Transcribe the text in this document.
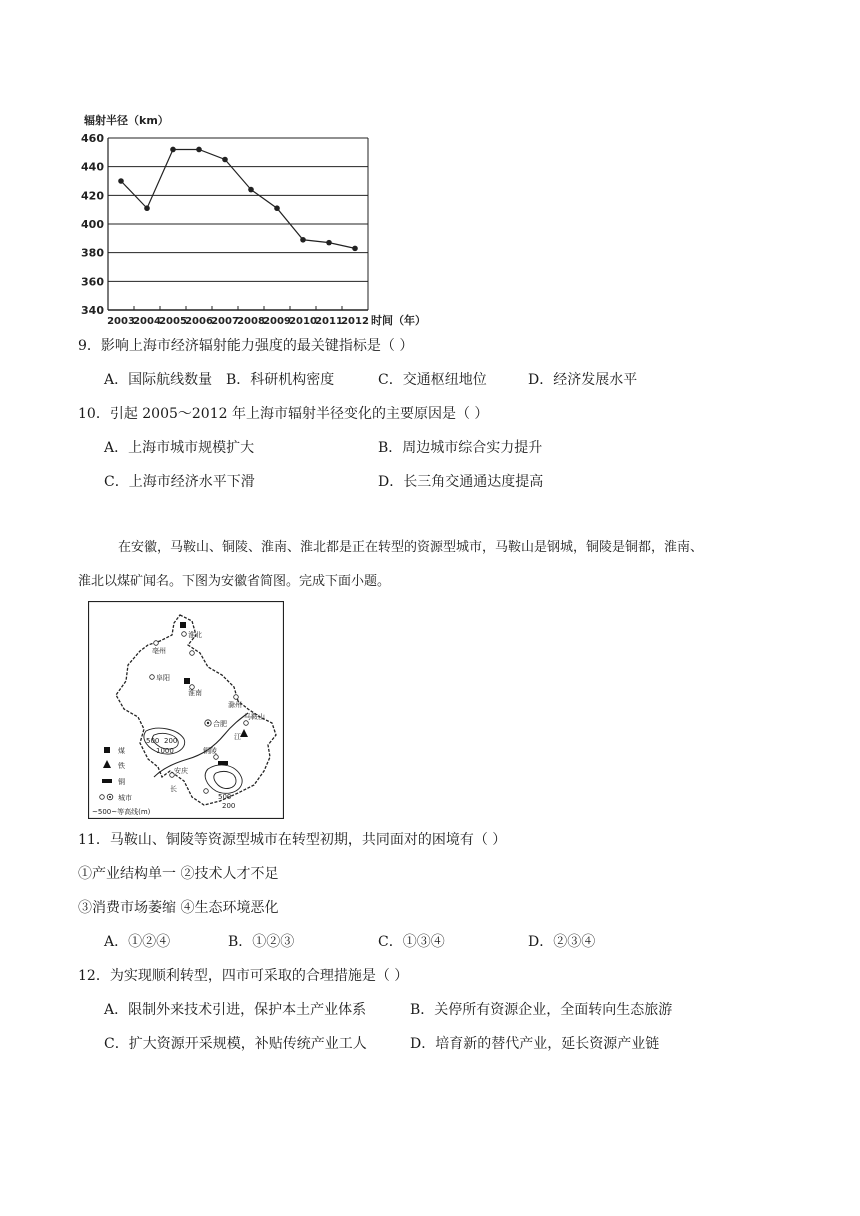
辐射半径（km）
460
440
420
400
380
360
340
2003
2004
2005
2006
2007
2008
2009
2010
2011
2012 时间（年）
9．影响上海市经济辐射能力强度的最关键指标是（ ）
A．国际航线数量 B．科研机构密度	C．交通枢纽地位	D．经济发展水平
10．引起 2005～2012 年上海市辐射半径变化的主要原因是（ ）
A．上海市城市规模扩大	B．周边城市综合实力提升
C．上海市经济水平下滑	D．长三角交通通达度提高
在安徽，马鞍山、铜陵、淮南、淮北都是正在转型的资源型城市，马鞍山是钢城，铜陵是铜都，淮南、
淮北以煤矿闻名。下图为安徽省简图。完成下面小题。
淮北
亳州
阜阳
淮南
滁州
合肥
马鞍山
铜陵
安庆
江
长
500 200
1000
500
200
煤
铁
铜
城市
~500~等高线(m)
11．马鞍山、铜陵等资源型城市在转型初期，共同面对的困境有（ ）
①产业结构单一 ②技术人才不足
③消费市场萎缩 ④生态环境恶化
A．①②④	B．①②③	C．①③④	D．②③④
12．为实现顺利转型，四市可采取的合理措施是（ ）
A．限制外来技术引进，保护本土产业体系	B．关停所有资源企业，全面转向生态旅游
C．扩大资源开采规模，补贴传统产业工人	D．培育新的替代产业，延长资源产业链
